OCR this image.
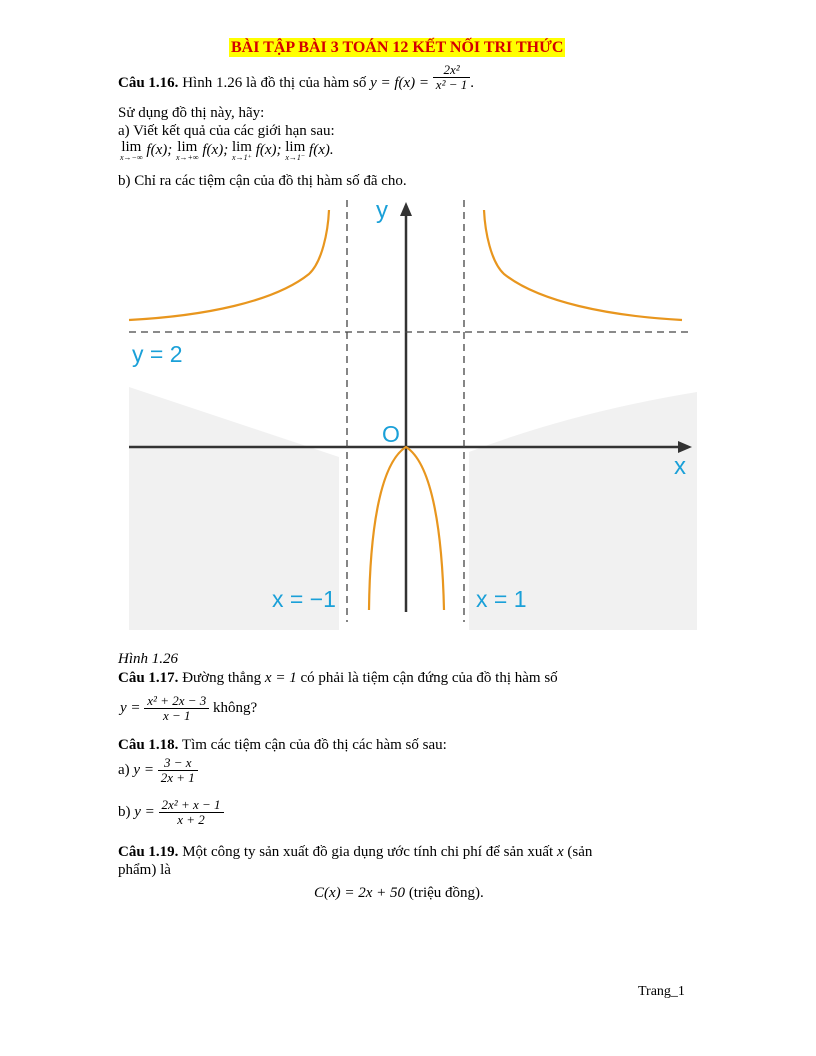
BÀI TẬP BÀI 3 TOÁN 12 KẾT NỐI TRI THỨC
Câu 1.16. Hình 1.26 là đồ thị của hàm số $y = f(x) = \frac{\text{2x²}}{\text{x² − 1}}$ .
Sử dụng đồ thị này, hãy:
a) Viết kết quả của các giới hạn sau:
lim
x→−∞ f(x); lim
x→+∞ f(x); lim
x→1⁺ f(x); lim
x→1⁻ f(x).
b) Chỉ ra các tiệm cận của đồ thị hàm số đã cho.
y
x
O
y = 2
x = −1	x = 1
Hình 1.26
Câu 1.17. Đường thẳng x = 1 có phải là tiệm cận đứng của đồ thị hàm số
$y = \frac{\text{x² + 2x − 3}}{x - 1}$ không?
Câu 1.18. Tìm các tiệm cận của đồ thị các hàm số sau:
a) $y = \frac{3 - x}{2x + 1}$
b) $y = \frac{\text{2x² + x − 1}}{x + 2}$
Câu 1.19. Một công ty sản xuất đồ gia dụng ước tính chi phí để sản xuất x (sản
phẩm) là
C(x) = 2x + 50 (triệu đồng).
Trang_1
